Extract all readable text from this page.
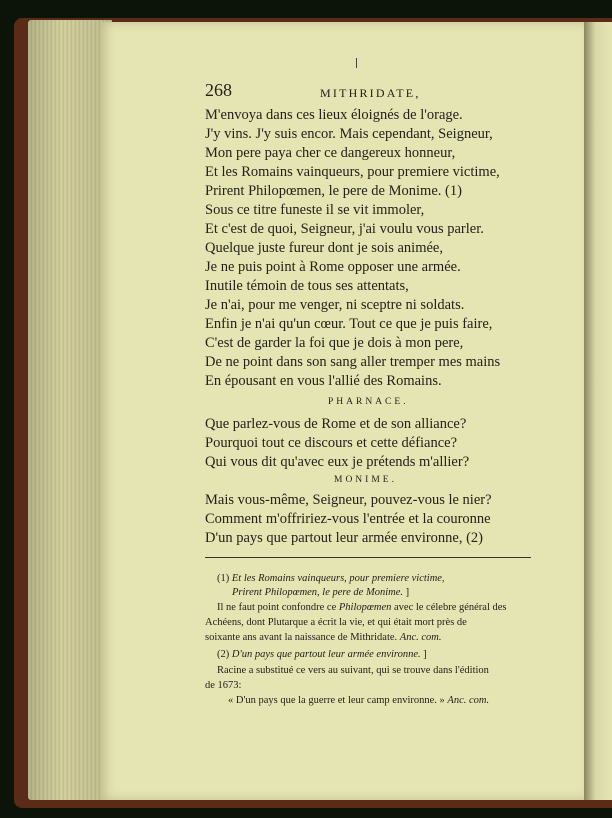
268	MITHRIDATE,
M'envoya dans ces lieux éloignés de l'orage.
J'y vins. J'y suis encor. Mais cependant, Seigneur,
Mon pere paya cher ce dangereux honneur,
Et les Romains vainqueurs, pour premiere victime,
Prirent Philopœmen, le pere de Monime. (1)
Sous ce titre funeste il se vit immoler,
Et c'est de quoi, Seigneur, j'ai voulu vous parler.
Quelque juste fureur dont je sois animée,
Je ne puis point à Rome opposer une armée.
Inutile témoin de tous ses attentats,
Je n'ai, pour me venger, ni sceptre ni soldats.
Enfin je n'ai qu'un cœur. Tout ce que je puis faire,
C'est de garder la foi que je dois à mon pere,
De ne point dans son sang aller tremper mes mains
En épousant en vous l'allié des Romains.
PHARNACE.
Que parlez-vous de Rome et de son alliance?
Pourquoi tout ce discours et cette défiance?
Qui vous dit qu'avec eux je prétends m'allier?
MONIME.
Mais vous-même, Seigneur, pouvez-vous le nier?
Comment m'offririez-vous l'entrée et la couronne
D'un pays que partout leur armée environne, (2)
(1) Et les Romains vainqueurs, pour premiere victime,
Prirent Philopœmen, le pere de Monime. ]
Il ne faut point confondre ce Philopœmen avec le célebre général des
Achéens, dont Plutarque a écrit la vie, et qui était mort près de
soixante ans avant la naissance de Mithridate. Anc. com.
(2) D'un pays que partout leur armée environne. ]
Racine a substitué ce vers au suivant, qui se trouve dans l'édition
de 1673:
« D'un pays que la guerre et leur camp environne. » Anc. com.
